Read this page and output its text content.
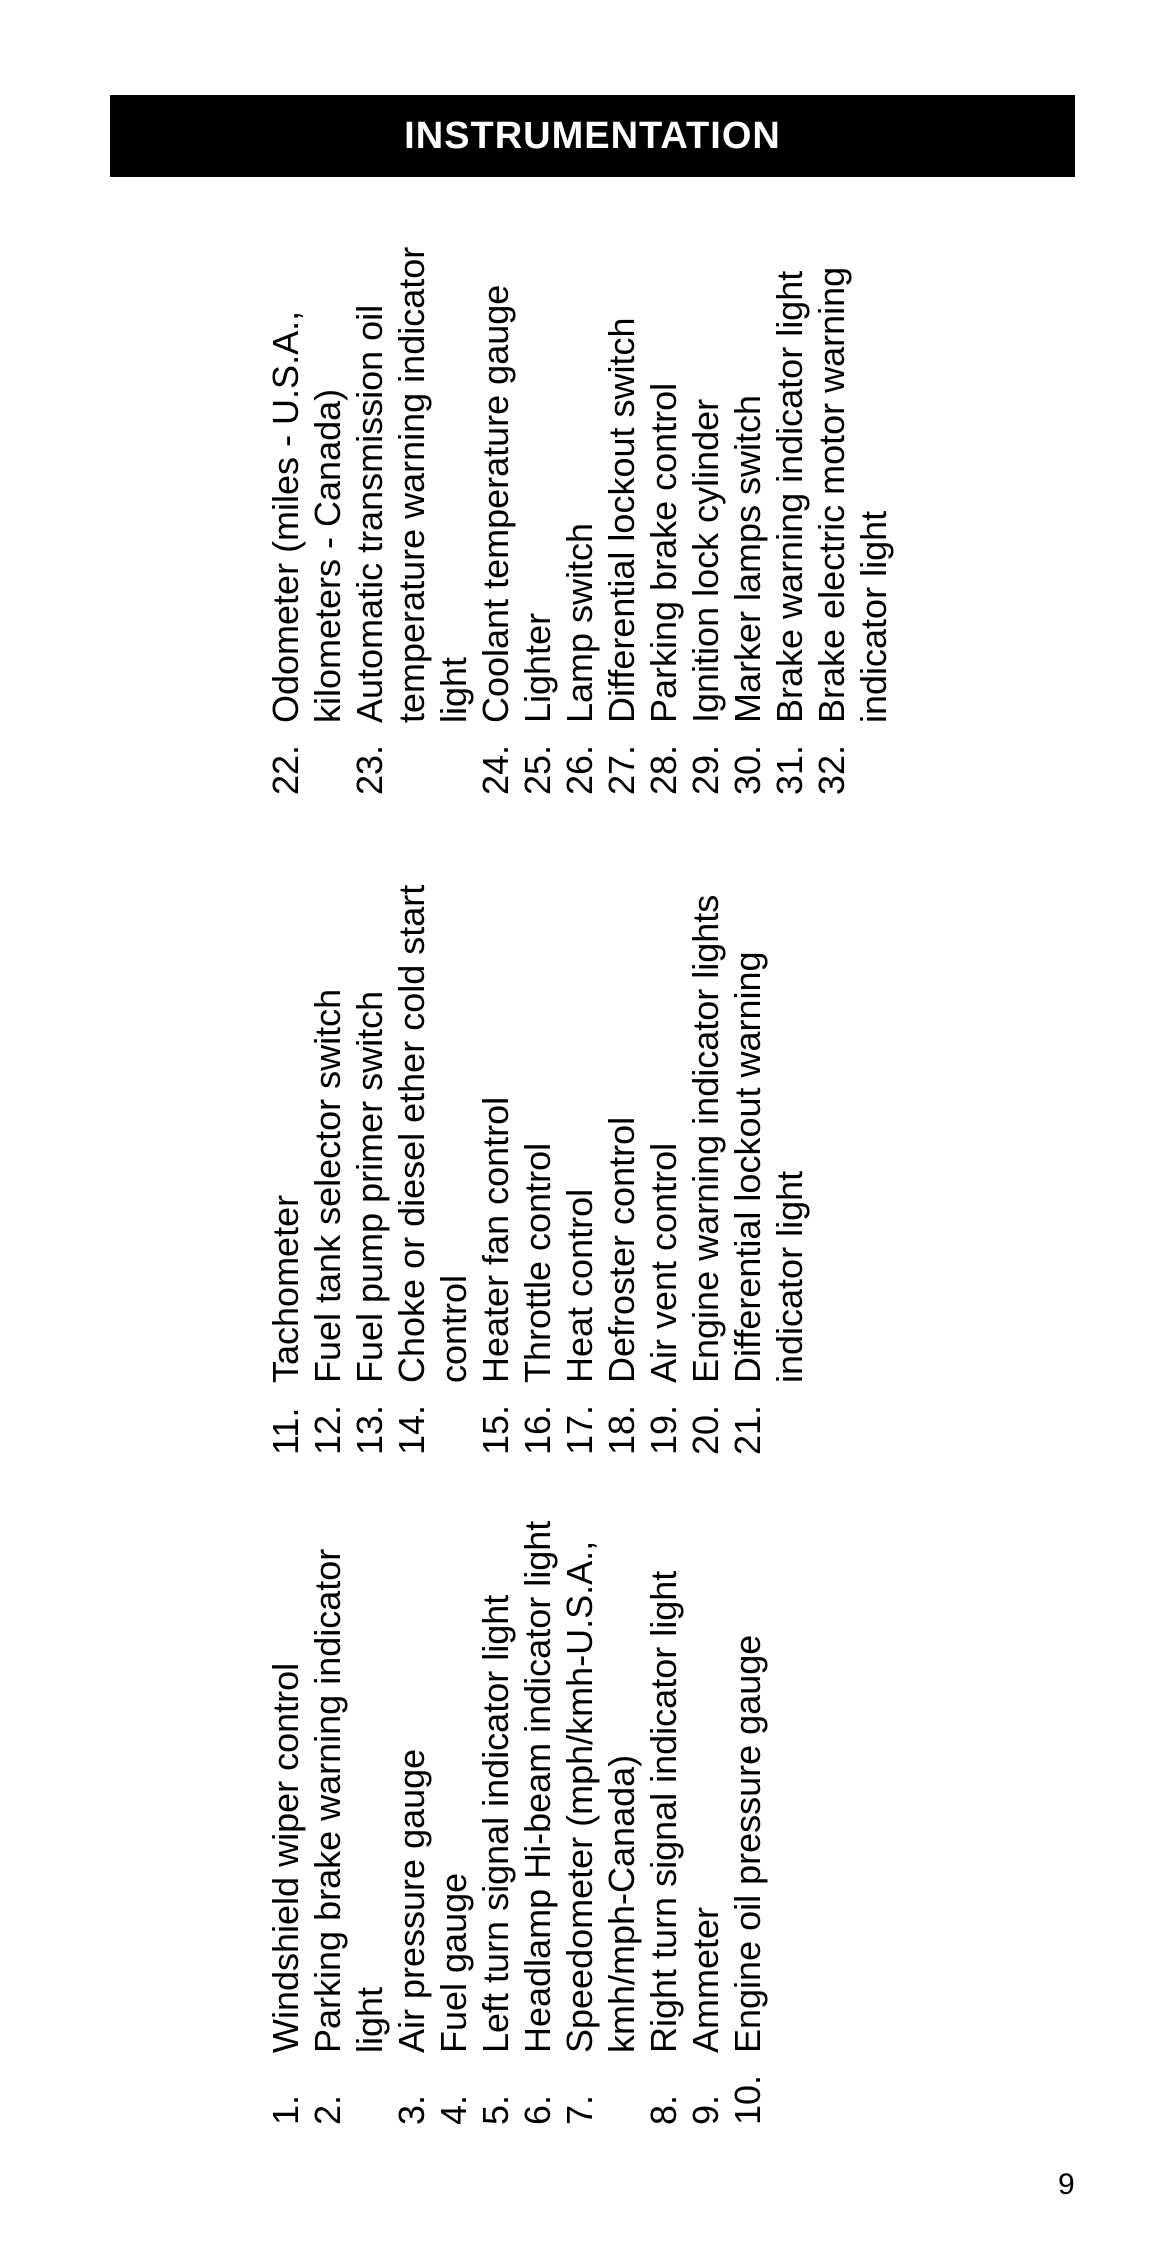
INSTRUMENTATION
1.
Windshield wiper control
2.
Parking brake warning indicator light
3.
Air pressure gauge
4.
Fuel gauge
5.
Left turn signal indicator light
6.
Headlamp Hi-beam indicator light
7.
Speedometer (mph/kmh-U.S.A., kmh/mph-Canada)
8.
Right turn signal indicator light
9.
Ammeter
10.
Engine oil pressure gauge
11.
Tachometer
12.
Fuel tank selector switch
13.
Fuel pump primer switch
14.
Choke or diesel ether cold start control
15.
Heater fan control
16.
Throttle control
17.
Heat control
18.
Defroster control
19.
Air vent control
20.
Engine warning indicator lights
21.
Differential lockout warning indicator light
22.
Odometer (miles - U.S.A., kilometers - Canada)
23.
Automatic transmission oil temperature warning indicator light
24.
Coolant temperature gauge
25.
Lighter
26.
Lamp switch
27.
Differential lockout switch
28.
Parking brake control
29.
Ignition lock cylinder
30.
Marker lamps switch
31.
Brake warning indicator light
32.
Brake electric motor warning indicator light
9
